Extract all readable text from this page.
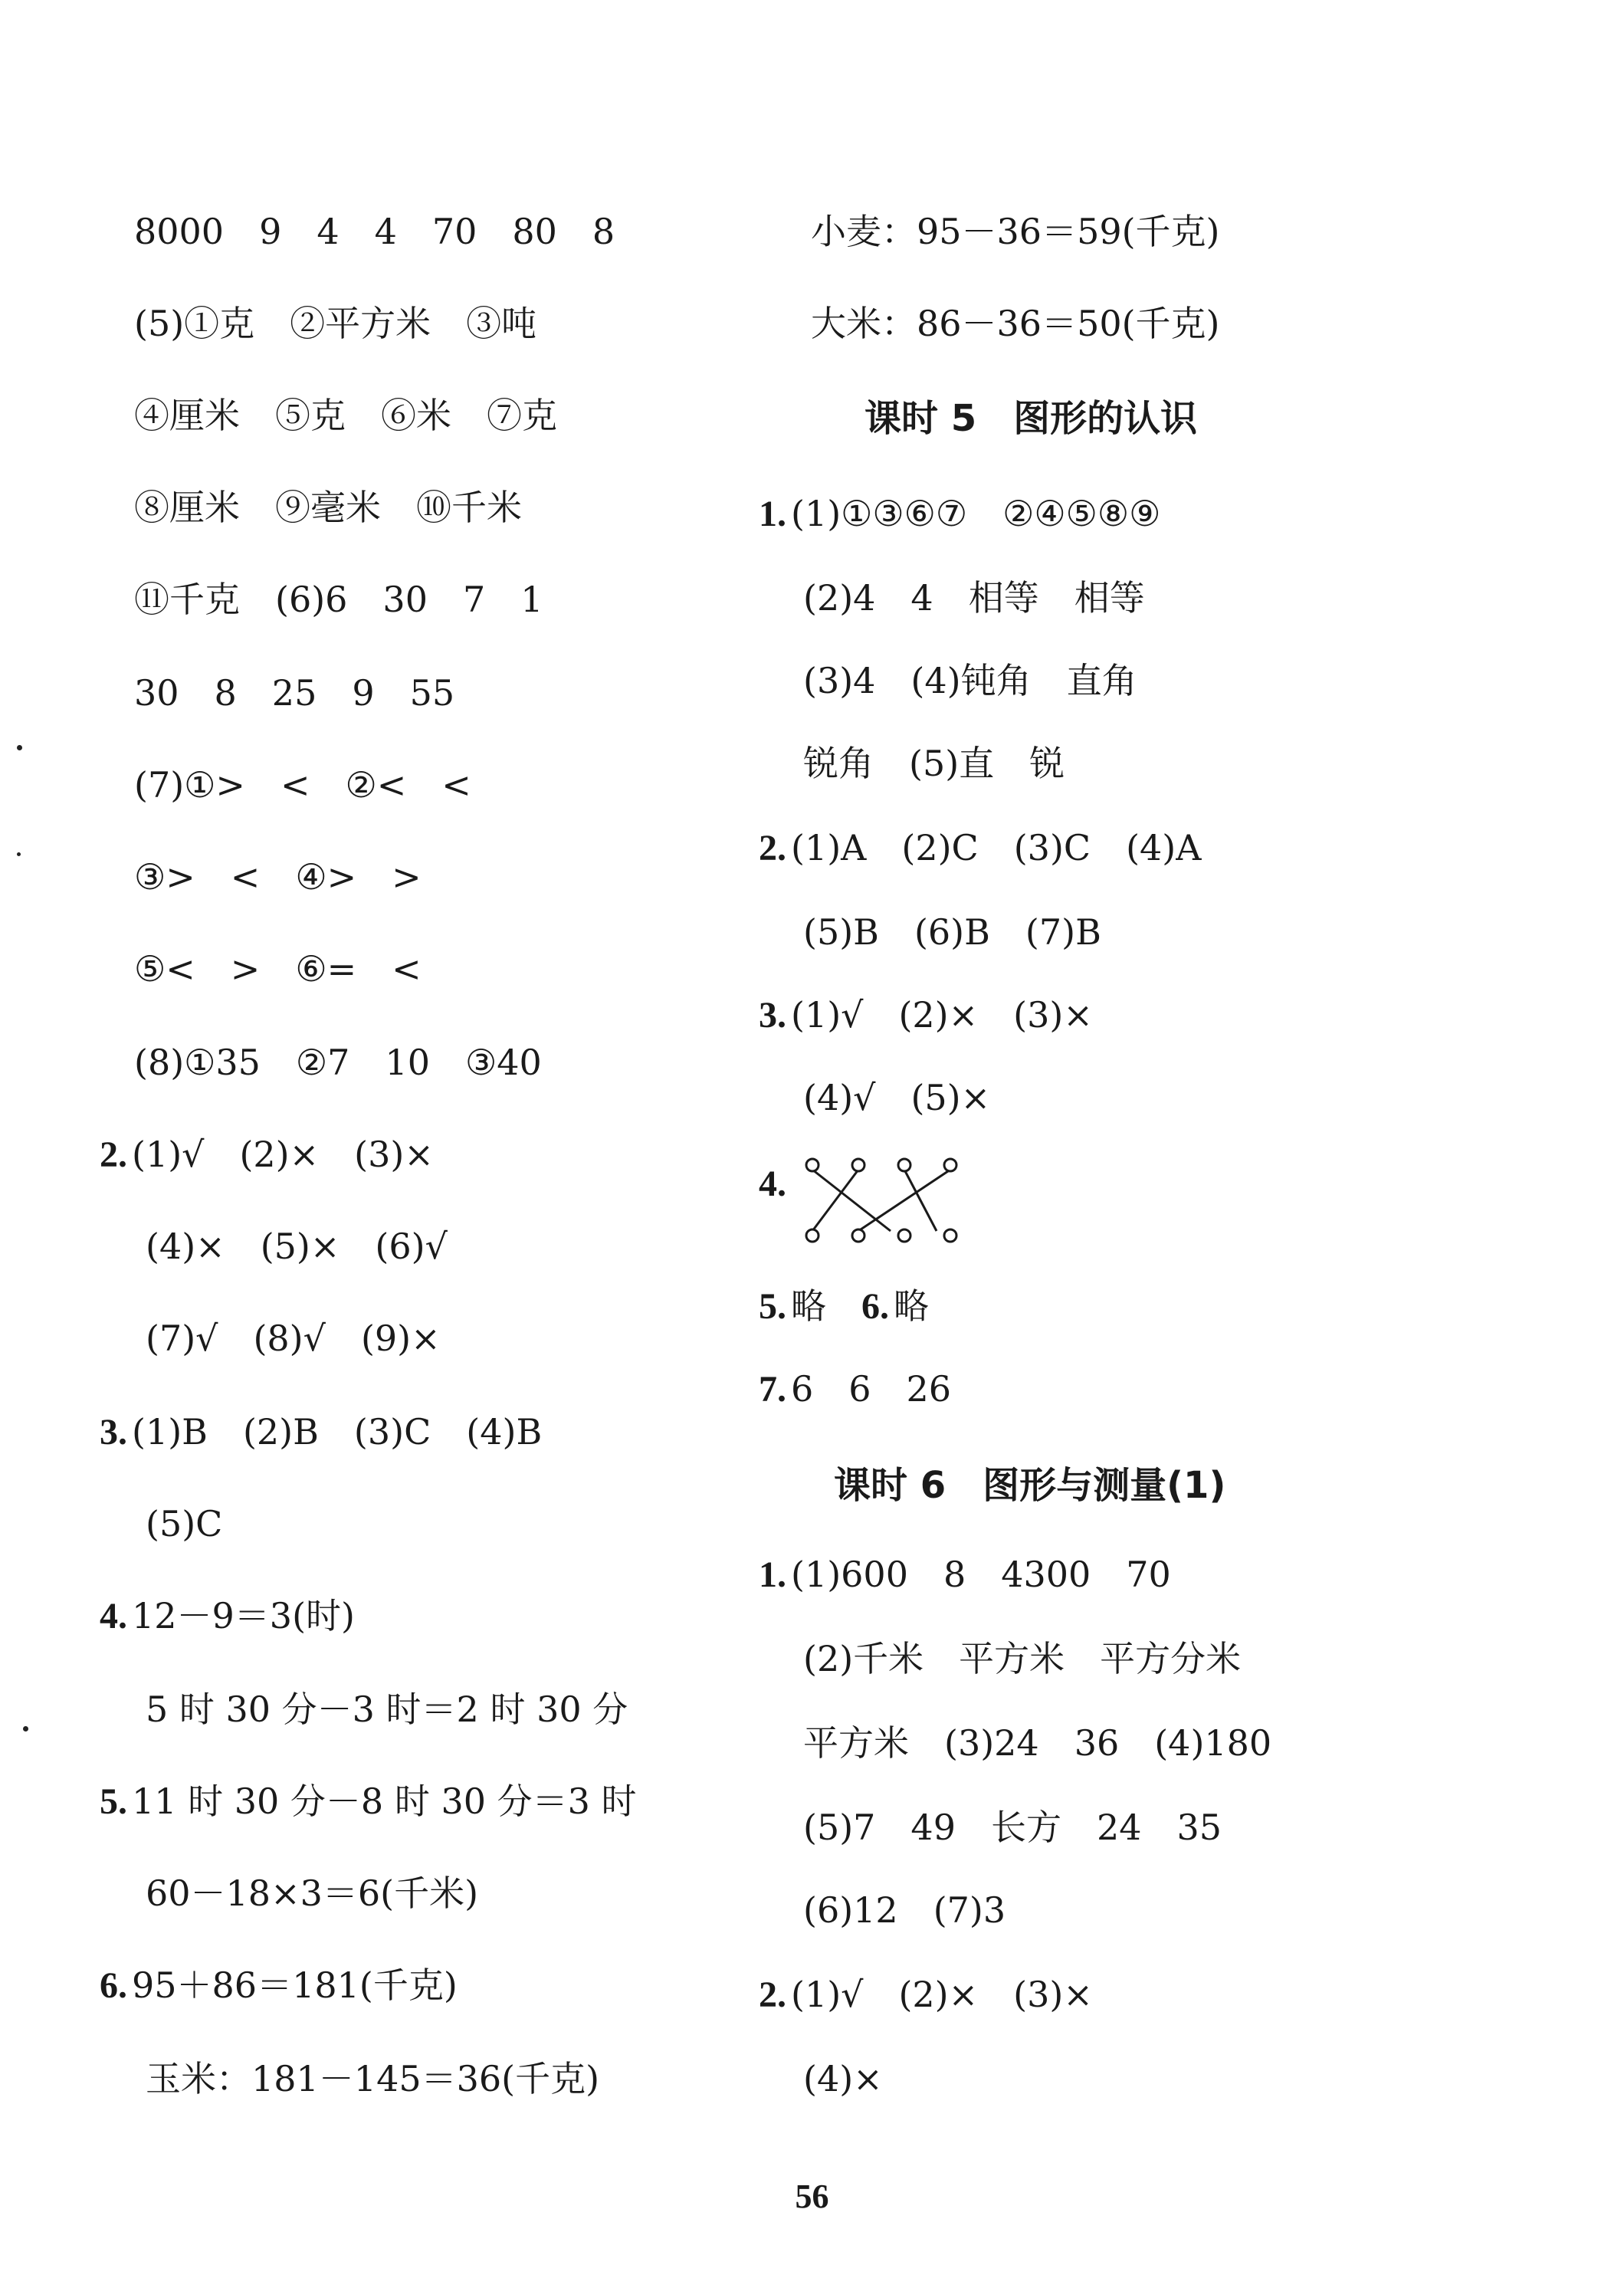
8000　9　4　4　70　80　8
(5)①克　②平方米　③吨
④厘米　⑤克　⑥米　⑦克
⑧厘米　⑨毫米　⑩千米
⑪千克　(6)6　30　7　1
30　8　25　9　55
(7)①>　<　②<　<
③>　<　④>　>
⑤<　>　⑥=　<
(8)①35　②7　10　③40
2. (1)√　(2)×　(3)×
(4)×　(5)×　(6)√
(7)√　(8)√　(9)×
3. (1)B　(2)B　(3)C　(4)B
(5)C
4. 12－9＝3(时)
5 时 30 分－3 时＝2 时 30 分
5. 11 时 30 分－8 时 30 分＝3 时
60－18×3＝6(千米)
6. 95＋86＝181(千克)
玉米：181－145＝36(千克)
小麦：95－36＝59(千克)
大米：86－36＝50(千克)
课时 5　图形的认识
1. (1)①③⑥⑦　②④⑤⑧⑨
(2)4　4　相等　相等
(3)4　(4)钝角　直角
锐角　(5)直　锐
2. (1)A　(2)C　(3)C　(4)A
(5)B　(6)B　(7)B
3. (1)√　(2)×　(3)×
(4)√　(5)×
4.
5. 略　6. 略
7. 6　6　26
课时 6　图形与测量(1)
1. (1)600　8　4300　70
(2)千米　平方米　平方分米
平方米　(3)24　36　(4)180
(5)7　49　长方　24　35
(6)12　(7)3
2. (1)√　(2)×　(3)×
(4)×
56
